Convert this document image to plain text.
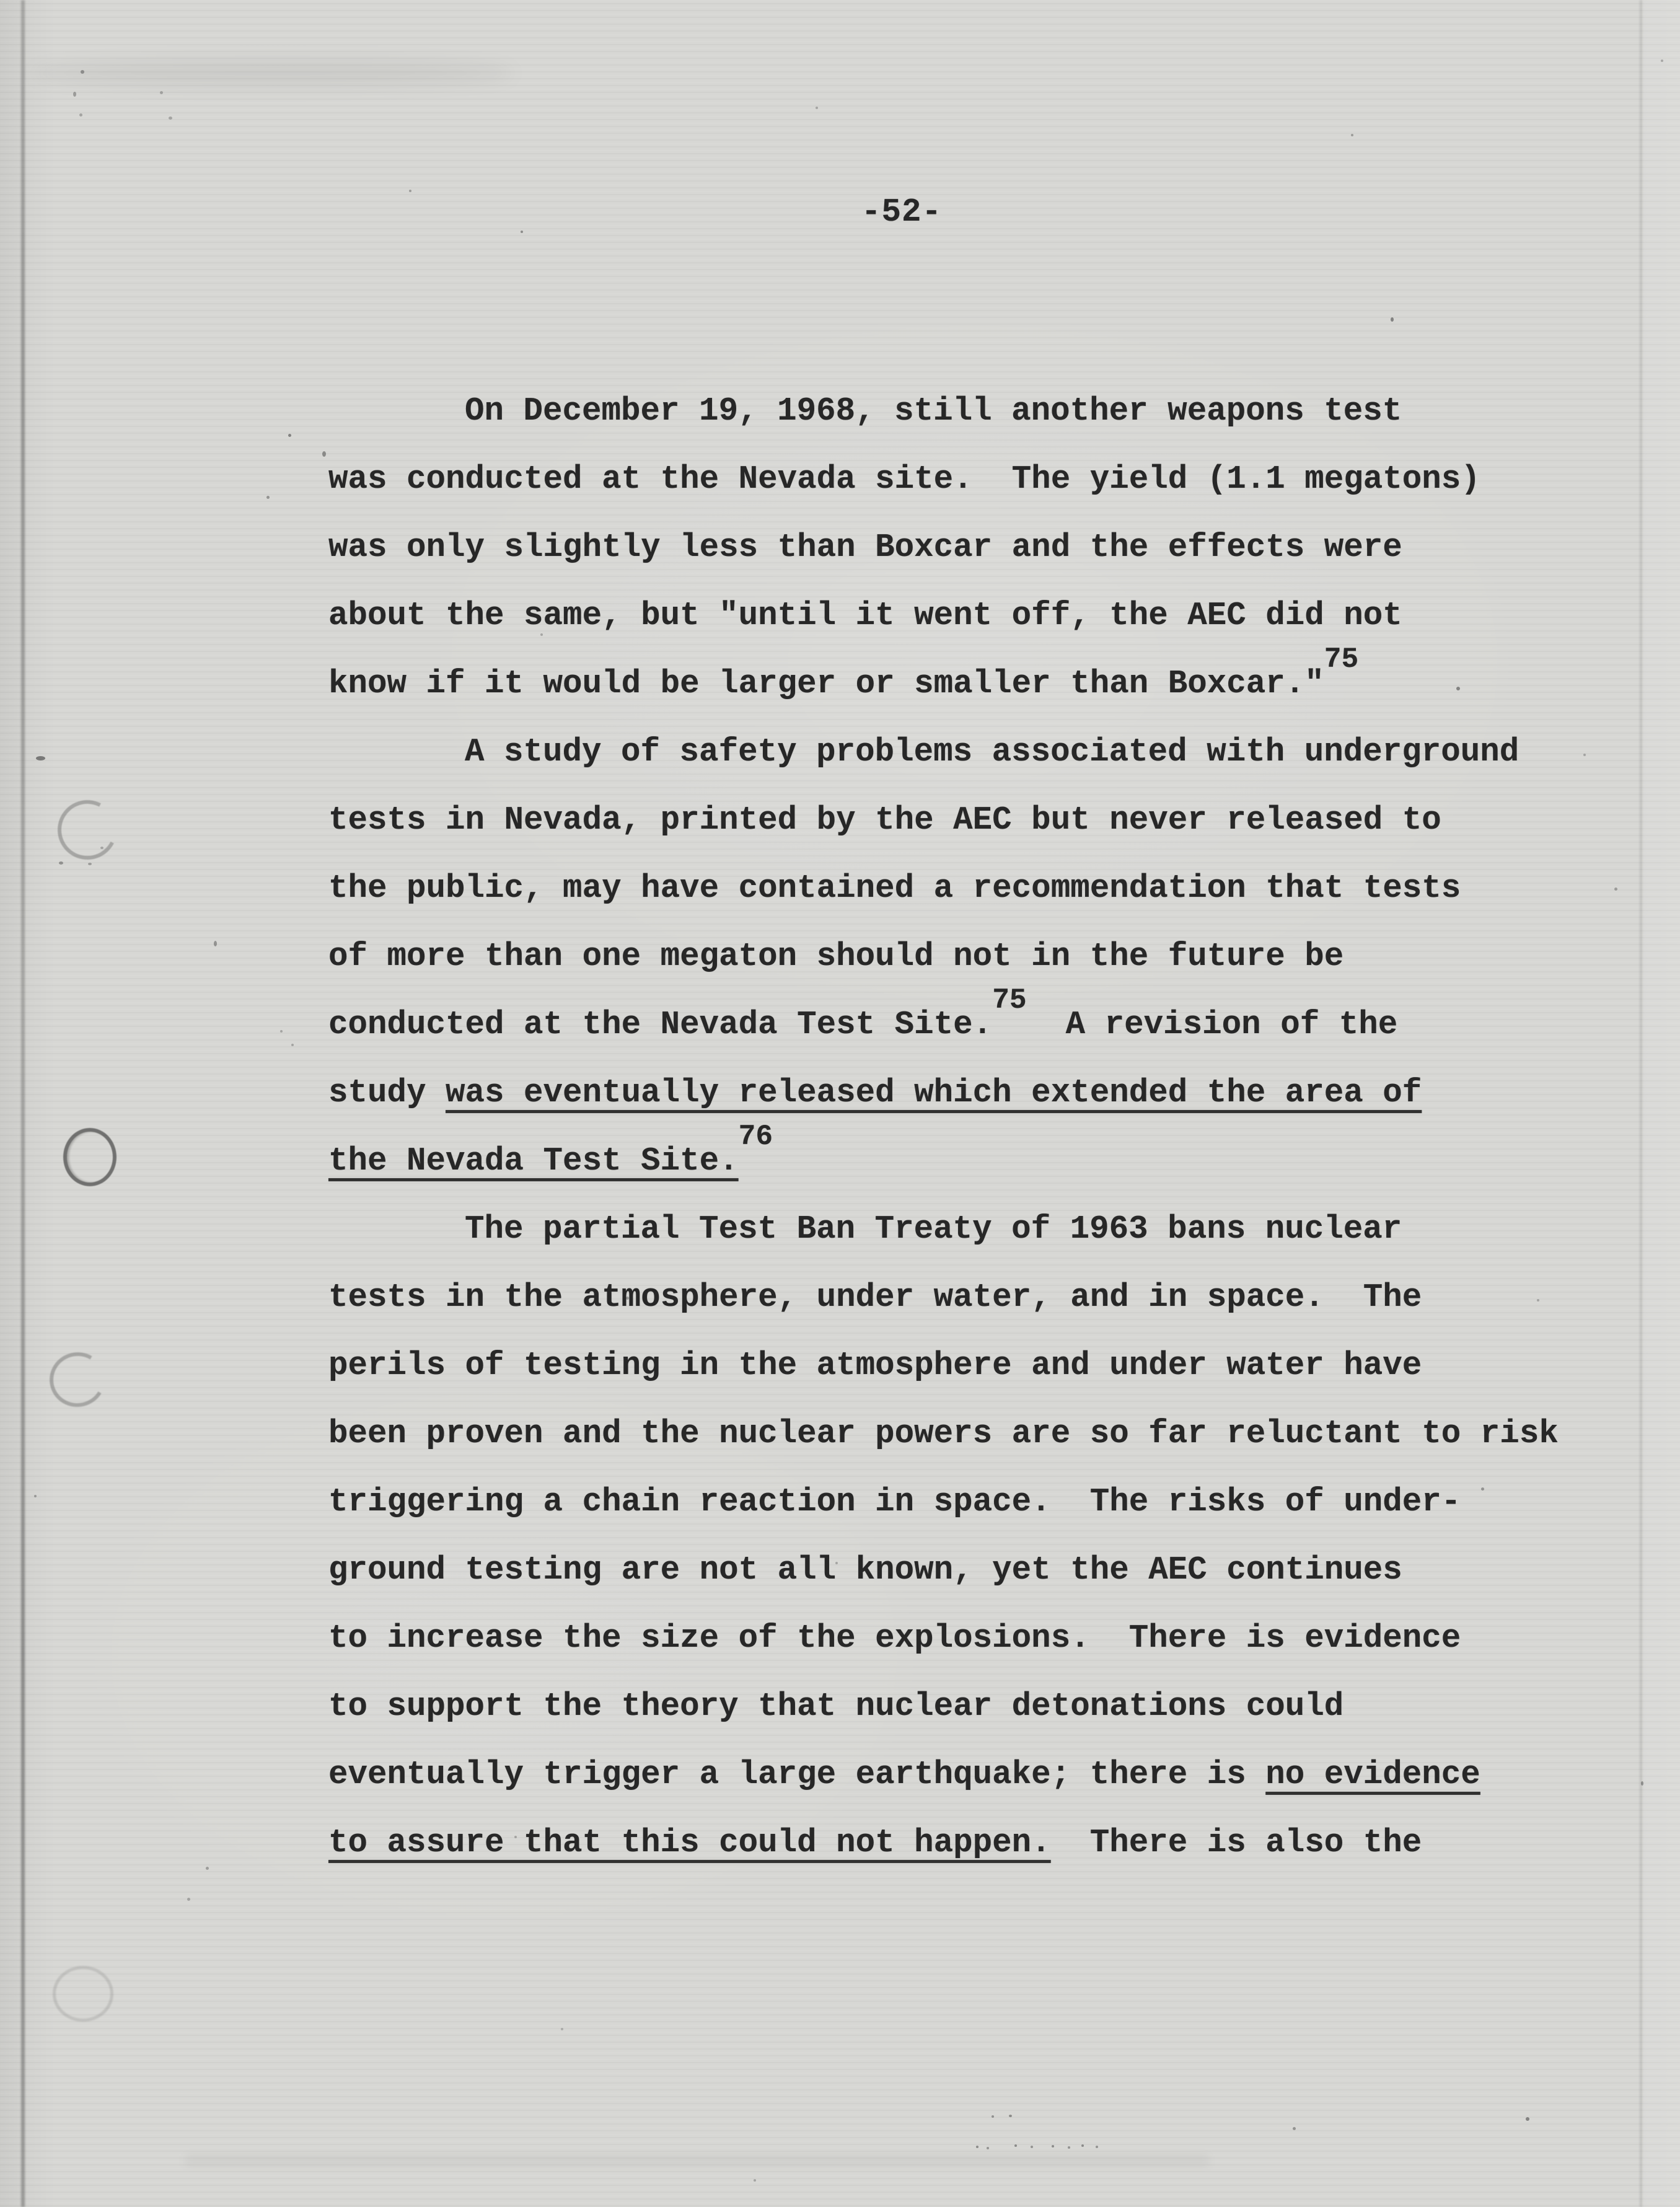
-52-
On December 19, 1968, still another weapons test
was conducted at the Nevada site.  The yield (1.1 megatons)
was only slightly less than Boxcar and the effects were
about the same, but "until it went off, the AEC did not
know if it would be larger or smaller than Boxcar."$^{75}$
A study of safety problems associated with underground
tests in Nevada, printed by the AEC but never released to
the public, may have contained a recommendation that tests
of more than one megaton should not in the future be
conducted at the Nevada Test Site.$^{75}$  A revision of the
study was eventually released which extended the area of
the Nevada Test Site.$^{76}$
The partial Test Ban Treaty of 1963 bans nuclear
tests in the atmosphere, under water, and in space.  The
perils of testing in the atmosphere and under water have
been proven and the nuclear powers are so far reluctant to risk
triggering a chain reaction in space.  The risks of under-
ground testing are not all known, yet the AEC continues
to increase the size of the explosions.  There is evidence
to support the theory that nuclear detonations could
eventually trigger a large earthquake; there is no evidence
to assure that this could not happen.  There is also the
